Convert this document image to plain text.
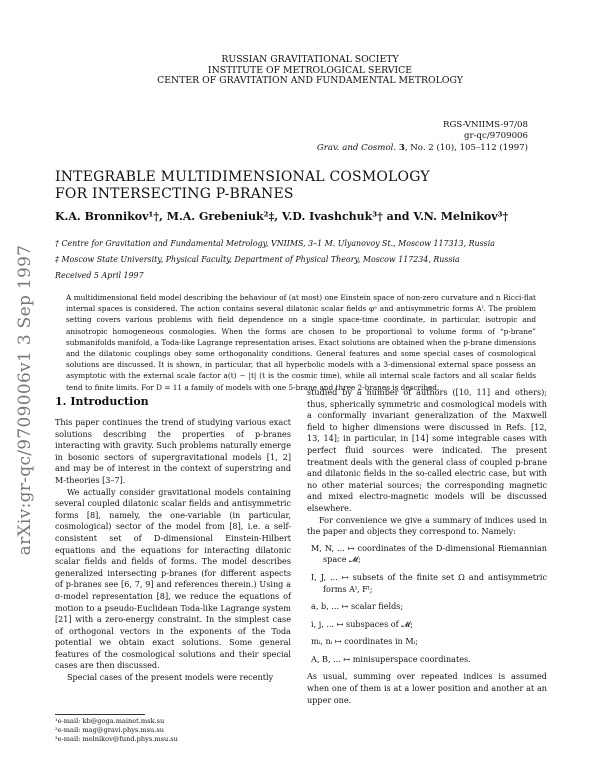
arXiv:gr-qc/9709006v1 3 Sep 1997
RUSSIAN GRAVITATIONAL SOCIETY
INSTITUTE OF METROLOGICAL SERVICE
CENTER OF GRAVITATION AND FUNDAMENTAL METROLOGY
RGS-VNIIMS-97/08
gr-qc/9709006
Grav. and Cosmol. 3, No. 2 (10), 105–112 (1997)
INTEGRABLE MULTIDIMENSIONAL COSMOLOGY
FOR INTERSECTING P-BRANES
K.A. Bronnikov¹†, M.A. Grebeniuk²‡, V.D. Ivashchuk³† and V.N. Melnikov³†
† Centre for Gravitation and Fundamental Metrology, VNIIMS, 3–1 M. Ulyanovoy St., Moscow 117313, Russia
‡ Moscow State University, Physical Faculty, Department of Physical Theory, Moscow 117234, Russia
Received 5 April 1997
A multidimensional field model describing the behaviour of (at most) one Einstein space of non-zero curvature and n Ricci-flat internal spaces is considered. The action contains several dilatonic scalar fields φᵃ and antisymmetric forms Aᴵ. The problem setting covers various problems with field dependence on a single space-time coordinate, in particular, isotropic and anisotropic homogeneous cosmologies. When the forms are chosen to be proportional to volume forms of “p-brane” submanifolds manifold, a Toda-like Lagrange representation arises. Exact solutions are obtained when the p-brane dimensions and the dilatonic couplings obey some orthogonality conditions. General features and some special cases of cosmological solutions are discussed. It is shown, in particular, that all hyperbolic models with a 3-dimensional external space possess an asymptotic with the external scale factor a(t) ∼ |t| (t is the cosmic time), while all internal scale factors and all scalar fields tend to finite limits. For D = 11 a family of models with one 5-brane and three 2-branes is described.
1. Introduction

This paper continues the trend of studying various exact solutions describing the properties of p-branes interacting with gravity. Such problems naturally emerge in bosonic sectors of supergravitational models [1, 2] and may be of interest in the context of superstring and M-theories [3–7].

We actually consider gravitational models containing several coupled dilatonic scalar fields and antisymmetric forms [8], namely, the one-variable (in particular, cosmological) sector of the model from [8], i.e. a self-consistent set of D-dimensional Einstein-Hilbert equations and the equations for interacting dilatonic scalar fields and fields of forms. The model describes generalized intersecting p-branes (for different aspects of p-branes see [6, 7, 9] and references therein.) Using a σ-model representation [8], we reduce the equations of motion to a pseudo-Euclidean Toda-like Lagrange system [21] with a zero-energy constraint. In the simplest case of orthogonal vectors in the exponents of the Toda potential we obtain exact solutions. Some general features of the cosmological solutions and their special cases are then discussed.

Special cases of the present models were recently

studied by a number of authors ([10, 11] and others); thus, spherically symmetric and cosmological models with a conformally invariant generalization of the Maxwell field to higher dimensions were discussed in Refs. [12, 13, 14]; in particular, in [14] some integrable cases with perfect fluid sources were indicated. The present treatment deals with the general class of coupled p-brane and dilatonic fields in the so-called electric case, but with no other material sources; the corresponding magnetic and mixed electro-magnetic models will be discussed elsewhere.

For convenience we give a summary of indices used in the paper and objects they correspond to. Namely:

M, N, ... ↦ coordinates of the D-dimensional Riemannian space 𝓜;
I, J, ... ↦ subsets of the finite set Ω and antisymmetric forms Aᴵ, Fᴵ;
a, b, ... ↦ scalar fields;
i, j, ... ↦ subspaces of 𝓜;
mᵢ, nᵢ ↦ coordinates in Mᵢ;
A, B, ... ↦ minisuperspace coordinates.

As usual, summing over repeated indices is assumed when one of them is at a lower position and another at an upper one.

¹e-mail: kb@goga.mainet.msk.su
²e-mail: mag@gravi.phys.msu.su
³e-mail: melnikov@fund.phys.msu.su
